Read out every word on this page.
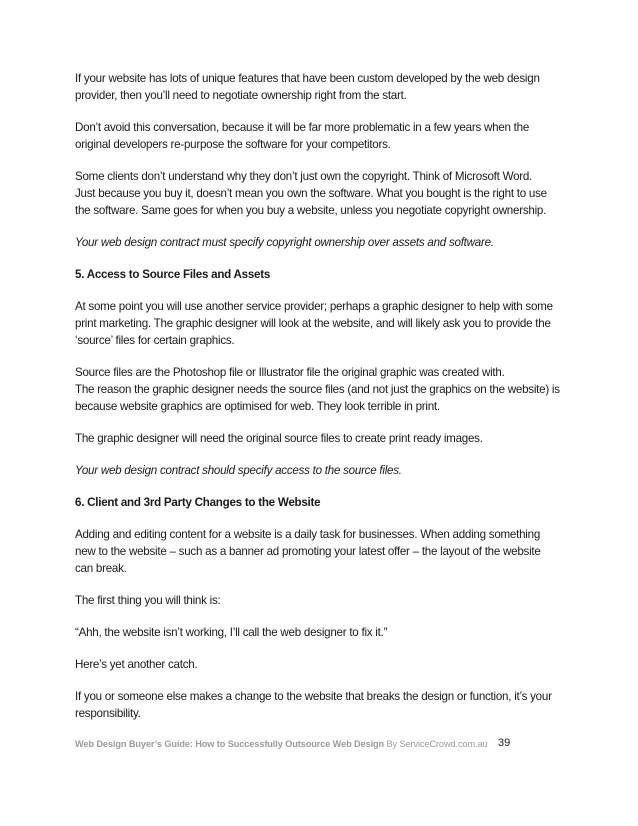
If your website has lots of unique features that have been custom developed by the web design
provider, then you’ll need to negotiate ownership right from the start.
Don’t avoid this conversation, because it will be far more problematic in a few years when the
original developers re-purpose the software for your competitors.
Some clients don’t understand why they don’t just own the copyright. Think of Microsoft Word.
Just because you buy it, doesn’t mean you own the software. What you bought is the right to use
the software. Same goes for when you buy a website, unless you negotiate copyright ownership.
Your web design contract must specify copyright ownership over assets and software.
5. Access to Source Files and Assets
At some point you will use another service provider; perhaps a graphic designer to help with some
print marketing. The graphic designer will look at the website, and will likely ask you to provide the
‘source’ files for certain graphics.
Source files are the Photoshop file or Illustrator file the original graphic was created with.
The reason the graphic designer needs the source files (and not just the graphics on the website) is
because website graphics are optimised for web. They look terrible in print.
The graphic designer will need the original source files to create print ready images.
Your web design contract should specify access to the source files.
6. Client and 3rd Party Changes to the Website
Adding and editing content for a website is a daily task for businesses. When adding something
new to the website – such as a banner ad promoting your latest offer – the layout of the website
can break.
The first thing you will think is:
“Ahh, the website isn’t working, I’ll call the web designer to fix it.”
Here’s yet another catch.
If you or someone else makes a change to the website that breaks the design or function, it’s your
responsibility.
Web Design Buyer’s Guide: How to Successfully Outsource Web Design By ServiceCrowd.com.au 39
